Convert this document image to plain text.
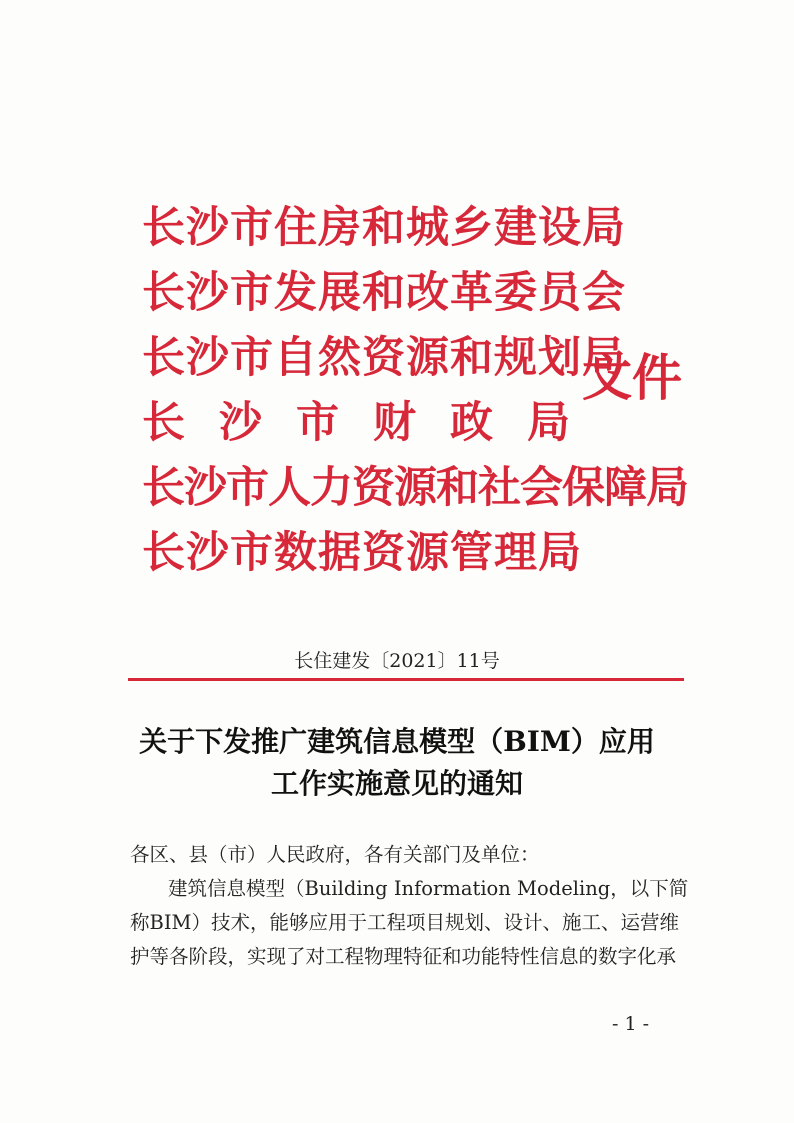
长沙市住房和城乡建设局
长沙市发展和改革委员会
长沙市自然资源和规划局
长沙市财政局
长沙市人力资源和社会保障局
长沙市数据资源管理局
文件
长住建发〔2021〕11号
关于下发推广建筑信息模型（BIM）应用
工作实施意见的通知
各区、县（市）人民政府，各有关部门及单位：
建筑信息模型（Building Information Modeling，以下简
称BIM）技术，能够应用于工程项目规划、设计、施工、运营维
护等各阶段，实现了对工程物理特征和功能特性信息的数字化承
- 1 -
